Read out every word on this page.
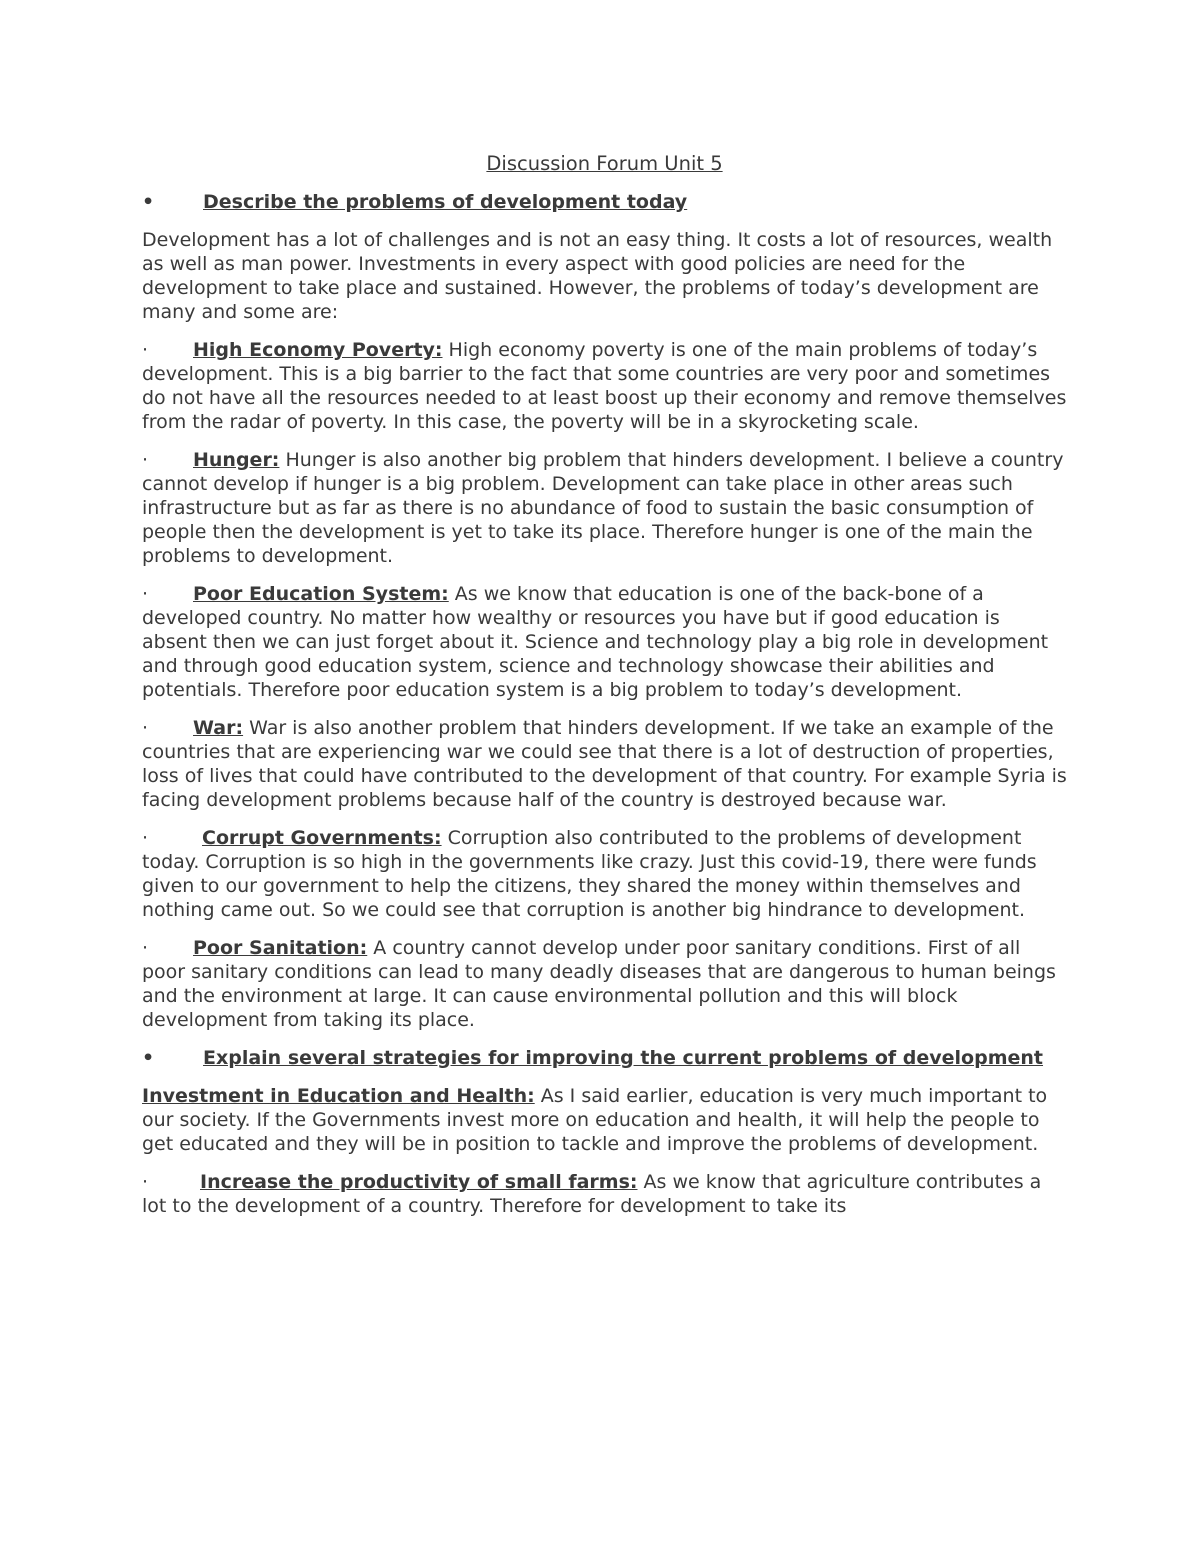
Discussion Forum Unit 5
•	Describe the problems of development today

Development has a lot of challenges and is not an easy thing. It costs a lot of resources, wealth as well as man power. Investments in every aspect with good policies are need for the development to take place and sustained. However, the problems of today’s development are many and some are:

· High Economy Poverty: High economy poverty is one of the main problems of today’s development. This is a big barrier to the fact that some countries are very poor and sometimes do not have all the resources needed to at least boost up their economy and remove themselves from the radar of poverty. In this case, the poverty will be in a skyrocketing scale.

· Hunger: Hunger is also another big problem that hinders development. I believe a country cannot develop if hunger is a big problem. Development can take place in other areas such infrastructure but as far as there is no abundance of food to sustain the basic consumption of people then the development is yet to take its place. Therefore hunger is one of the main the problems to development.

· Poor Education System: As we know that education is one of the back-bone of a developed country. No matter how wealthy or resources you have but if good education is absent then we can just forget about it. Science and technology play a big role in development and through good education system, science and technology showcase their abilities and potentials. Therefore poor education system is a big problem to today’s development.

· War: War is also another problem that hinders development. If we take an example of the countries that are experiencing war we could see that there is a lot of destruction of properties, loss of lives that could have contributed to the development of that country. For example Syria is facing development problems because half of the country is destroyed because war.

·	Corrupt Governments: Corruption also contributed to the problems of development today. Corruption is so high in the governments like crazy. Just this covid-19, there were funds given to our government to help the citizens, they shared the money within themselves and nothing came out. So we could see that corruption is another big hindrance to development.

· Poor Sanitation: A country cannot develop under poor sanitary conditions. First of all poor sanitary conditions can lead to many deadly diseases that are dangerous to human beings and the environment at large. It can cause environmental pollution and this will block development from taking its place.

•	Explain several strategies for improving the current problems of development

Investment in Education and Health: As I said earlier, education is very much important to our society. If the Governments invest more on education and health, it will help the people to get educated and they will be in position to tackle and improve the problems of development.

·	Increase the productivity of small farms: As we know that agriculture contributes a lot to the development of a country. Therefore for development to take its
